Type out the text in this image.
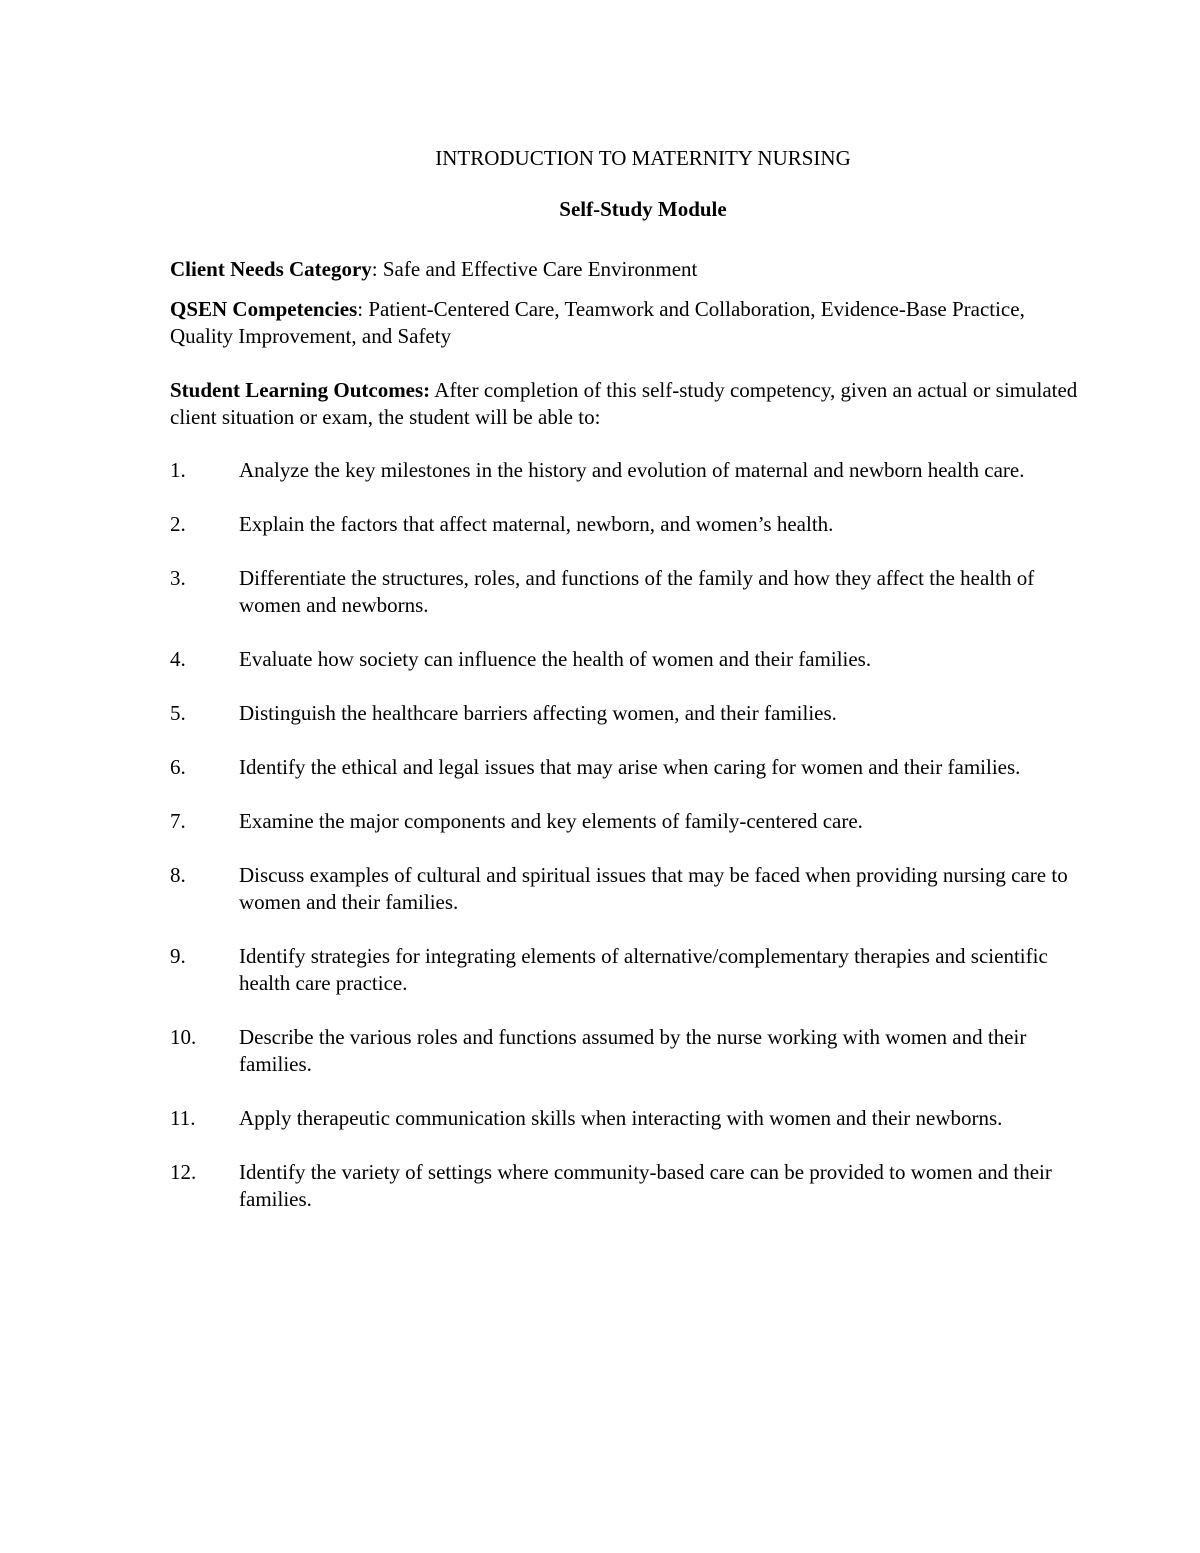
INTRODUCTION TO MATERNITY NURSING
Self-Study Module

Client Needs Category: Safe and Effective Care Environment

QSEN Competencies: Patient-Centered Care, Teamwork and Collaboration, Evidence-Base Practice, Quality Improvement, and Safety

Student Learning Outcomes: After completion of this self-study competency, given an actual or simulated client situation or exam, the student will be able to:

1.	Analyze the key milestones in the history and evolution of maternal and newborn health care.
2.	Explain the factors that affect maternal, newborn, and women’s health.
3.	Differentiate the structures, roles, and functions of the family and how they affect the health of women and newborns.
4.	Evaluate how society can influence the health of women and their families.
5.	Distinguish the healthcare barriers affecting women, and their families.
6.	Identify the ethical and legal issues that may arise when caring for women and their families.
7.	Examine the major components and key elements of family-centered care.
8.	Discuss examples of cultural and spiritual issues that may be faced when providing nursing care to women and their families.
9.	Identify strategies for integrating elements of alternative/complementary therapies and scientific health care practice.
10.	Describe the various roles and functions assumed by the nurse working with women and their families.
11.	Apply therapeutic communication skills when interacting with women and their newborns.
12.	Identify the variety of settings where community-based care can be provided to women and their families.
